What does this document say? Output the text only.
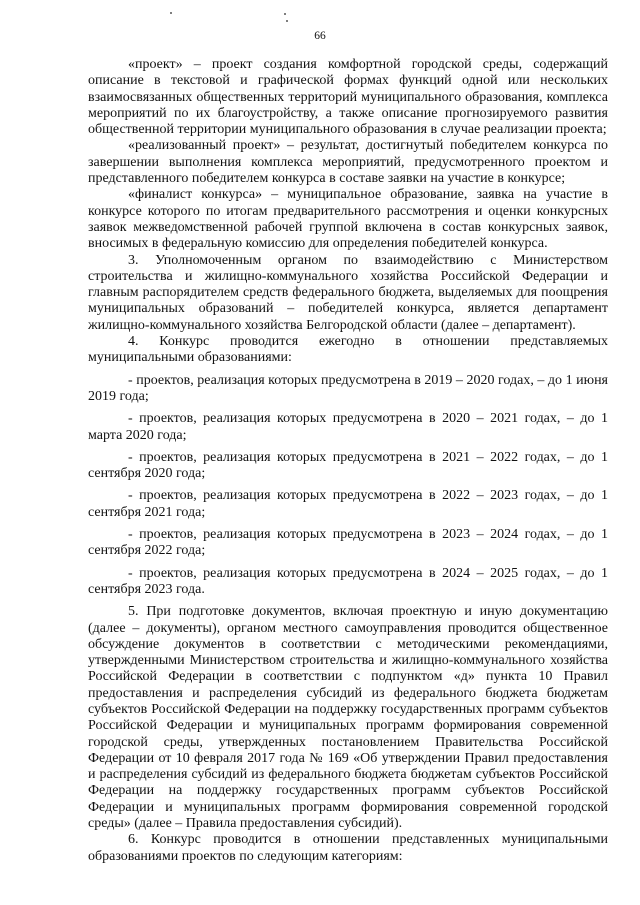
66

«проект» – проект создания комфортной городской среды, содержащий описание в текстовой и графической формах функций одной или нескольких взаимосвязанных общественных территорий муниципального образования, комплекса мероприятий по их благоустройству, а также описание прогнозируемого развития общественной территории муниципального образования в случае реализации проекта;

«реализованный проект» – результат, достигнутый победителем конкурса по завершении выполнения комплекса мероприятий, предусмотренного проектом и представленного победителем конкурса в составе заявки на участие в конкурсе;

«финалист конкурса» – муниципальное образование, заявка на участие в конкурсе которого по итогам предварительного рассмотрения и оценки конкурсных заявок межведомственной рабочей группой включена в состав конкурсных заявок, вносимых в федеральную комиссию для определения победителей конкурса.

3. Уполномоченным органом по взаимодействию с Министерством строительства и жилищно-коммунального хозяйства Российской Федерации и главным распорядителем средств федерального бюджета, выделяемых для поощрения муниципальных образований – победителей конкурса, является департамент жилищно-коммунального хозяйства Белгородской области (далее – департамент).

4. Конкурс проводится ежегодно в отношении представляемых муниципальными образованиями:

- проектов, реализация которых предусмотрена в 2019 – 2020 годах, – до 1 июня 2019 года;

- проектов, реализация которых предусмотрена в 2020 – 2021 годах, – до 1 марта 2020 года;

- проектов, реализация которых предусмотрена в 2021 – 2022 годах, – до 1 сентября 2020 года;

- проектов, реализация которых предусмотрена в 2022 – 2023 годах, – до 1 сентября 2021 года;

- проектов, реализация которых предусмотрена в 2023 – 2024 годах, – до 1 сентября 2022 года;

- проектов, реализация которых предусмотрена в 2024 – 2025 годах, – до 1 сентября 2023 года.

5. При подготовке документов, включая проектную и иную документацию (далее – документы), органом местного самоуправления проводится общественное обсуждение документов в соответствии с методическими рекомендациями, утвержденными Министерством строительства и жилищно-коммунального хозяйства Российской Федерации в соответствии с подпунктом «д» пункта 10 Правил предоставления и распределения субсидий из федерального бюджета бюджетам субъектов Российской Федерации на поддержку государственных программ субъектов Российской Федерации и муниципальных программ формирования современной городской среды, утвержденных постановлением Правительства Российской Федерации от 10 февраля 2017 года № 169 «Об утверждении Правил предоставления и распределения субсидий из федерального бюджета бюджетам субъектов Российской Федерации на поддержку государственных программ субъектов Российской Федерации и муниципальных программ формирования современной городской среды» (далее – Правила предоставления субсидий).

6. Конкурс проводится в отношении представленных муниципальными образованиями проектов по следующим категориям:
